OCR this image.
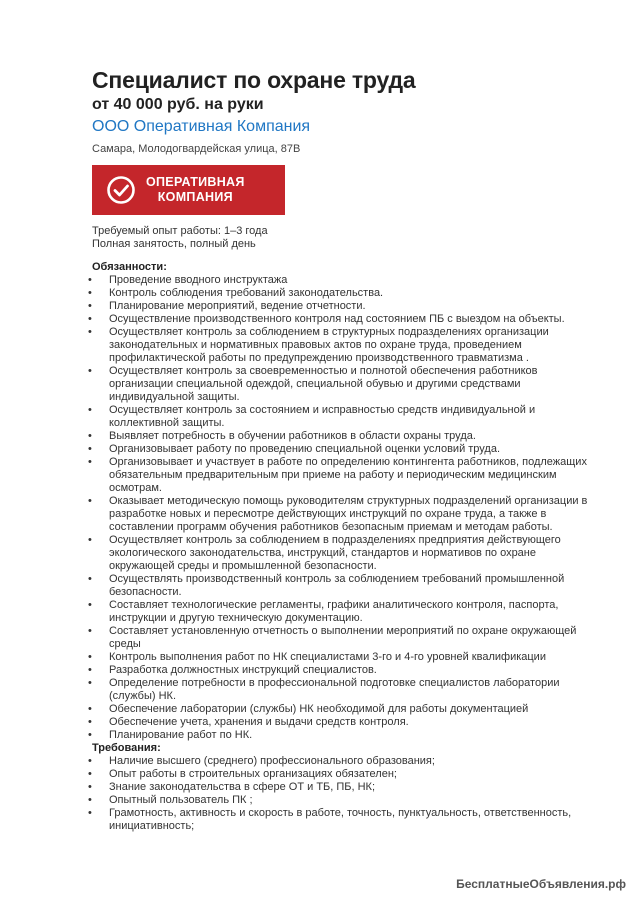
Специалист по охране труда
от 40 000 руб. на руки
ООО Оперативная Компания
Самара, Молодогвардейская улица, 87В
ОПЕРАТИВНАЯ
КОМПАНИЯ
Требуемый опыт работы: 1–3 года
Полная занятость, полный день
Обязанности:
• Проведение вводного инструктажа
• Контроль соблюдения требований законодательства.
• Планирование мероприятий, ведение отчетности.
• Осуществление производственного контроля над состоянием ПБ с выездом на объекты.
• Осуществляет контроль за соблюдением в структурных подразделениях организации законодательных и нормативных правовых актов по охране труда, проведением профилактической работы по предупреждению производственного травматизма .
• Осуществляет контроль за своевременностью и полнотой обеспечения работников организации специальной одеждой, специальной обувью и другими средствами индивидуальной защиты.
• Осуществляет контроль за состоянием и исправностью средств индивидуальной и коллективной защиты.
• Выявляет потребность в обучении работников в области охраны труда.
• Организовывает работу по проведению специальной оценки условий труда.
• Организовывает и участвует в работе по определению контингента работников, подлежащих обязательным предварительным при приеме на работу и периодическим медицинским осмотрам.
• Оказывает методическую помощь руководителям структурных подразделений организации в разработке новых и пересмотре действующих инструкций по охране труда, а также в составлении программ обучения работников безопасным приемам и методам работы.
• Осуществляет контроль за соблюдением в подразделениях предприятия действующего экологического законодательства, инструкций, стандартов и нормативов по охране окружающей среды и промышленной безопасности.
• Осуществлять производственный контроль за соблюдением требований промышленной безопасности.
• Составляет технологические регламенты, графики аналитического контроля, паспорта, инструкции и другую техническую документацию.
• Составляет установленную отчетность о выполнении мероприятий по охране окружающей среды
• Контроль выполнения работ по НК специалистами 3-го и 4-го уровней квалификации
• Разработка должностных инструкций специалистов.
• Определение потребности в профессиональной подготовке специалистов лаборатории (службы) НК.
• Обеспечение лаборатории (службы) НК необходимой для работы документацией
• Обеспечение учета, хранения и выдачи средств контроля.
• Планирование работ по НК.
Требования:
• Наличие высшего (среднего) профессионального образования;
• Опыт работы в строительных организациях обязателен;
• Знание законодательства в сфере ОТ и ТБ, ПБ, НК;
• Опытный пользователь ПК ;
• Грамотность, активность и скорость в работе, точность, пунктуальность, ответственность, инициативность;
БесплатныеОбъявления.рф
